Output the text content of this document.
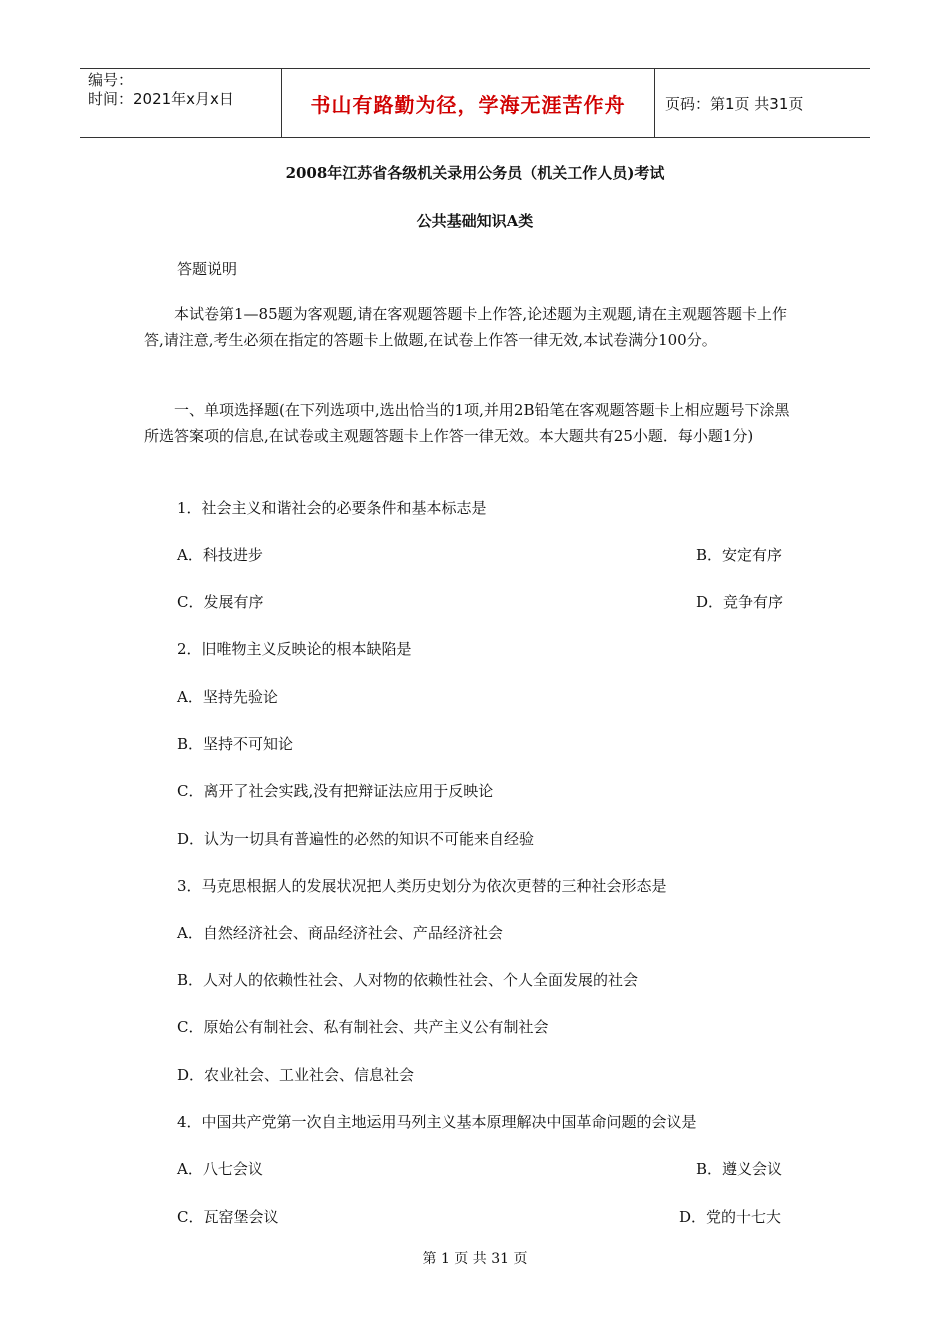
编号：
时间：2021年x月x日	书山有路勤为径，学海无涯苦作舟	页码：第1页 共31页
2008年江苏省各级机关录用公务员（机关工作人员)考试
公共基础知识A类
答题说明
本试卷第1—85题为客观题,请在客观题答题卡上作答,论述题为主观题,请在主观题答题卡上作答,请注意,考生必须在指定的答题卡上做题,在试卷上作答一律无效,本试卷满分100分。
一、单项选择题(在下列选项中,选出恰当的1项,并用2B铅笔在客观题答题卡上相应题号下涂黑所选答案项的信息,在试卷或主观题答题卡上作答一律无效。本大题共有25小题．每小题1分)
1．社会主义和谐社会的必要条件和基本标志是
A．科技进步	B．安定有序
C．发展有序	D．竞争有序
2．旧唯物主义反映论的根本缺陷是
A．坚持先验论
B．坚持不可知论
C．离开了社会实践,没有把辩证法应用于反映论
D．认为一切具有普遍性的必然的知识不可能来自经验
3．马克思根据人的发展状况把人类历史划分为依次更替的三种社会形态是
A．自然经济社会、商品经济社会、产品经济社会
B．人对人的依赖性社会、人对物的依赖性社会、个人全面发展的社会
C．原始公有制社会、私有制社会、共产主义公有制社会
D．农业社会、工业社会、信息社会
4．中国共产党第一次自主地运用马列主义基本原理解决中国革命问题的会议是
A．八七会议	B．遵义会议
C．瓦窑堡会议	D．党的十七大
第 1 页 共 31 页
